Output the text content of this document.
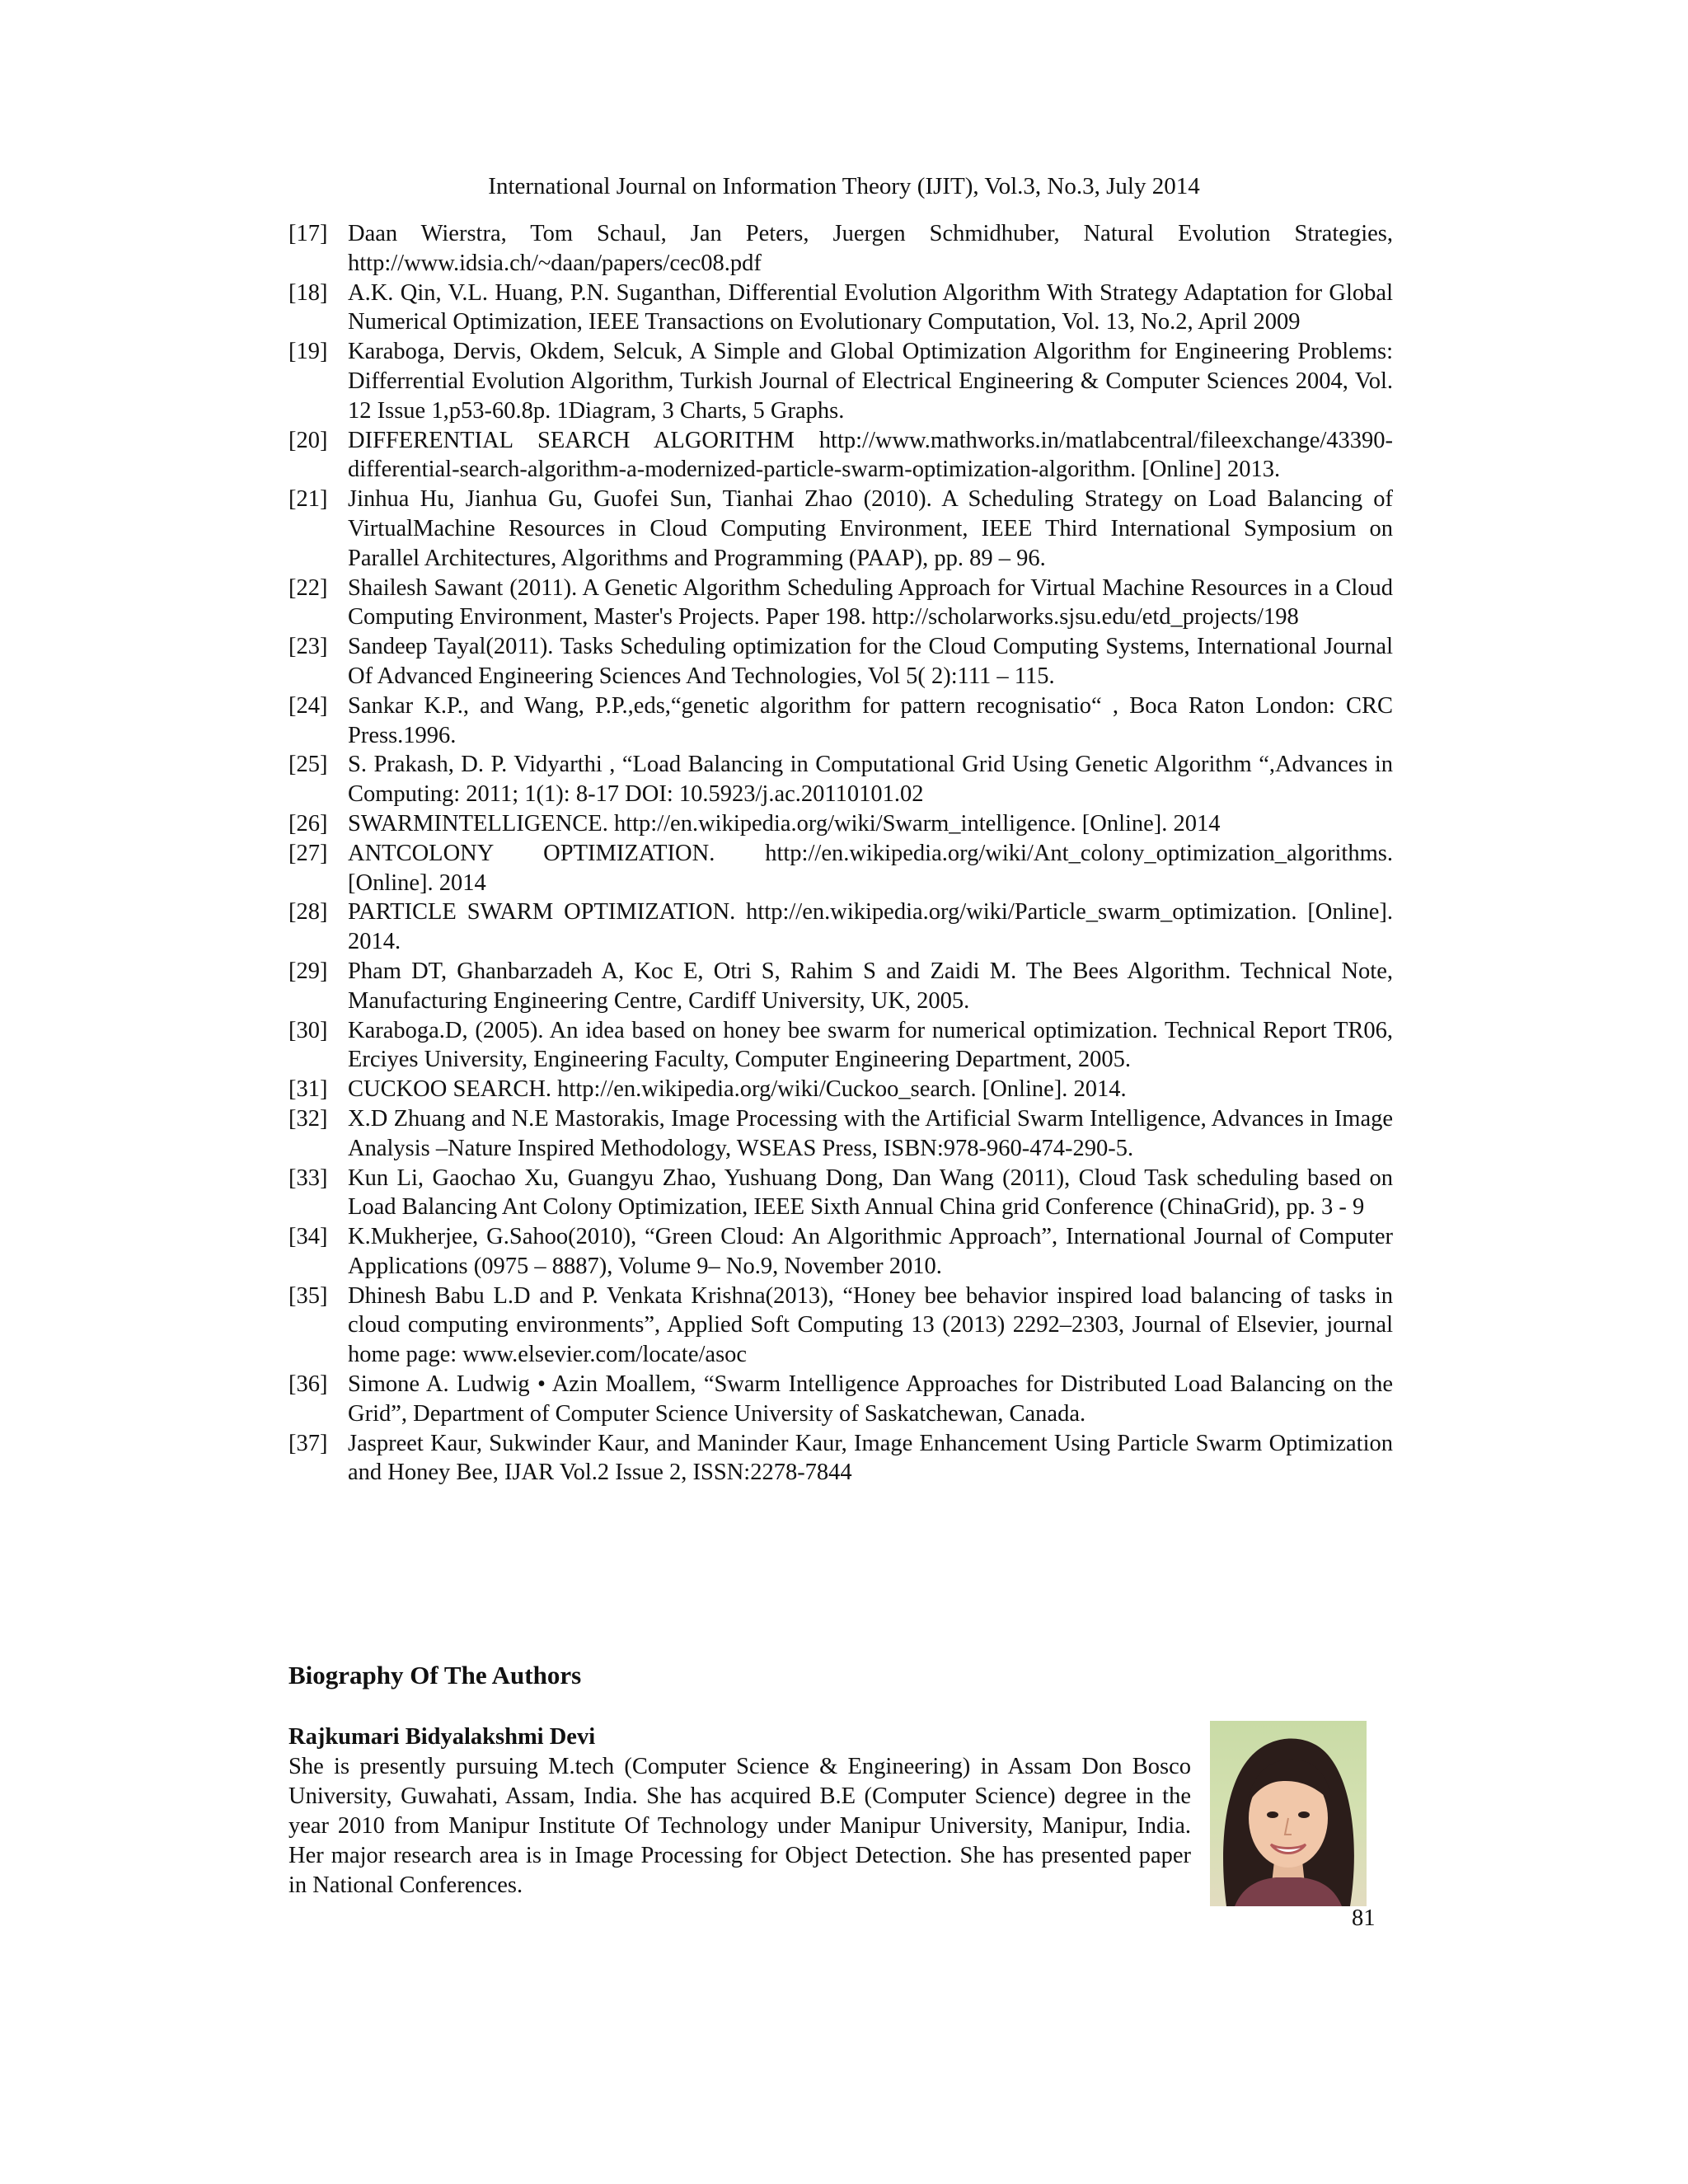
International Journal on Information Theory (IJIT), Vol.3, No.3, July 2014
[17] Daan Wierstra, Tom Schaul, Jan Peters, Juergen Schmidhuber, Natural Evolution Strategies, http://www.idsia.ch/~daan/papers/cec08.pdf
[18] A.K. Qin, V.L. Huang, P.N. Suganthan, Differential Evolution Algorithm With Strategy Adaptation for Global Numerical Optimization, IEEE Transactions on Evolutionary Computation, Vol. 13, No.2, April 2009
[19] Karaboga, Dervis, Okdem, Selcuk, A Simple and Global Optimization Algorithm for Engineering Problems: Differrential Evolution Algorithm, Turkish Journal of Electrical Engineering & Computer Sciences 2004, Vol. 12 Issue 1,p53-60.8p. 1Diagram, 3 Charts, 5 Graphs.
[20] DIFFERENTIAL SEARCH ALGORITHM http://www.mathworks.in/matlabcentral/fileexchange/43390-differential-search-algorithm-a-modernized-particle-swarm-optimization-algorithm. [Online] 2013.
[21] Jinhua Hu, Jianhua Gu, Guofei Sun, Tianhai Zhao (2010). A Scheduling Strategy on Load Balancing of VirtualMachine Resources in Cloud Computing Environment, IEEE Third International Symposium on Parallel Architectures, Algorithms and Programming (PAAP), pp. 89 – 96.
[22] Shailesh Sawant (2011). A Genetic Algorithm Scheduling Approach for Virtual Machine Resources in a Cloud Computing Environment, Master's Projects. Paper 198. http://scholarworks.sjsu.edu/etd_projects/198
[23] Sandeep Tayal(2011). Tasks Scheduling optimization for the Cloud Computing Systems, International Journal Of Advanced Engineering Sciences And Technologies, Vol 5( 2):111 – 115.
[24] Sankar K.P., and Wang, P.P.,eds,“genetic algorithm for pattern recognisatio“ , Boca Raton London: CRC Press.1996.
[25] S. Prakash, D. P. Vidyarthi , “Load Balancing in Computational Grid Using Genetic Algorithm “,Advances in Computing: 2011; 1(1): 8-17 DOI: 10.5923/j.ac.20110101.02
[26] SWARMINTELLIGENCE. http://en.wikipedia.org/wiki/Swarm_intelligence. [Online]. 2014
[27] ANTCOLONY OPTIMIZATION. http://en.wikipedia.org/wiki/Ant_colony_optimization_algorithms. [Online]. 2014
[28] PARTICLE SWARM OPTIMIZATION. http://en.wikipedia.org/wiki/Particle_swarm_optimization. [Online]. 2014.
[29] Pham DT, Ghanbarzadeh A, Koc E, Otri S, Rahim S and Zaidi M. The Bees Algorithm. Technical Note, Manufacturing Engineering Centre, Cardiff University, UK, 2005.
[30] Karaboga.D, (2005). An idea based on honey bee swarm for numerical optimization. Technical Report TR06, Erciyes University, Engineering Faculty, Computer Engineering Department, 2005.
[31] CUCKOO SEARCH. http://en.wikipedia.org/wiki/Cuckoo_search. [Online]. 2014.
[32] X.D Zhuang and N.E Mastorakis, Image Processing with the Artificial Swarm Intelligence, Advances in Image Analysis –Nature Inspired Methodology, WSEAS Press, ISBN:978-960-474-290-5.
[33] Kun Li, Gaochao Xu, Guangyu Zhao, Yushuang Dong, Dan Wang (2011), Cloud Task scheduling based on Load Balancing Ant Colony Optimization, IEEE Sixth Annual China grid Conference (ChinaGrid), pp. 3 - 9
[34] K.Mukherjee, G.Sahoo(2010), “Green Cloud: An Algorithmic Approach”, International Journal of Computer Applications (0975 – 8887), Volume 9– No.9, November 2010.
[35] Dhinesh Babu L.D and P. Venkata Krishna(2013), “Honey bee behavior inspired load balancing of tasks in cloud computing environments”, Applied Soft Computing 13 (2013) 2292–2303, Journal of Elsevier, journal home page: www.elsevier.com/locate/asoc
[36] Simone A. Ludwig • Azin Moallem, “Swarm Intelligence Approaches for Distributed Load Balancing on the Grid”, Department of Computer Science University of Saskatchewan, Canada.
[37] Jaspreet Kaur, Sukwinder Kaur, and Maninder Kaur, Image Enhancement Using Particle Swarm Optimization and Honey Bee, IJAR Vol.2 Issue 2, ISSN:2278-7844
Biography Of The Authors
Rajkumari Bidyalakshmi Devi

She is presently pursuing M.tech (Computer Science & Engineering) in Assam Don Bosco University, Guwahati, Assam, India. She has acquired B.E (Computer Science) degree in the year 2010 from Manipur Institute Of Technology under Manipur University, Manipur, India. Her major research area is in Image Processing for Object Detection. She has presented paper in National Conferences.

81
